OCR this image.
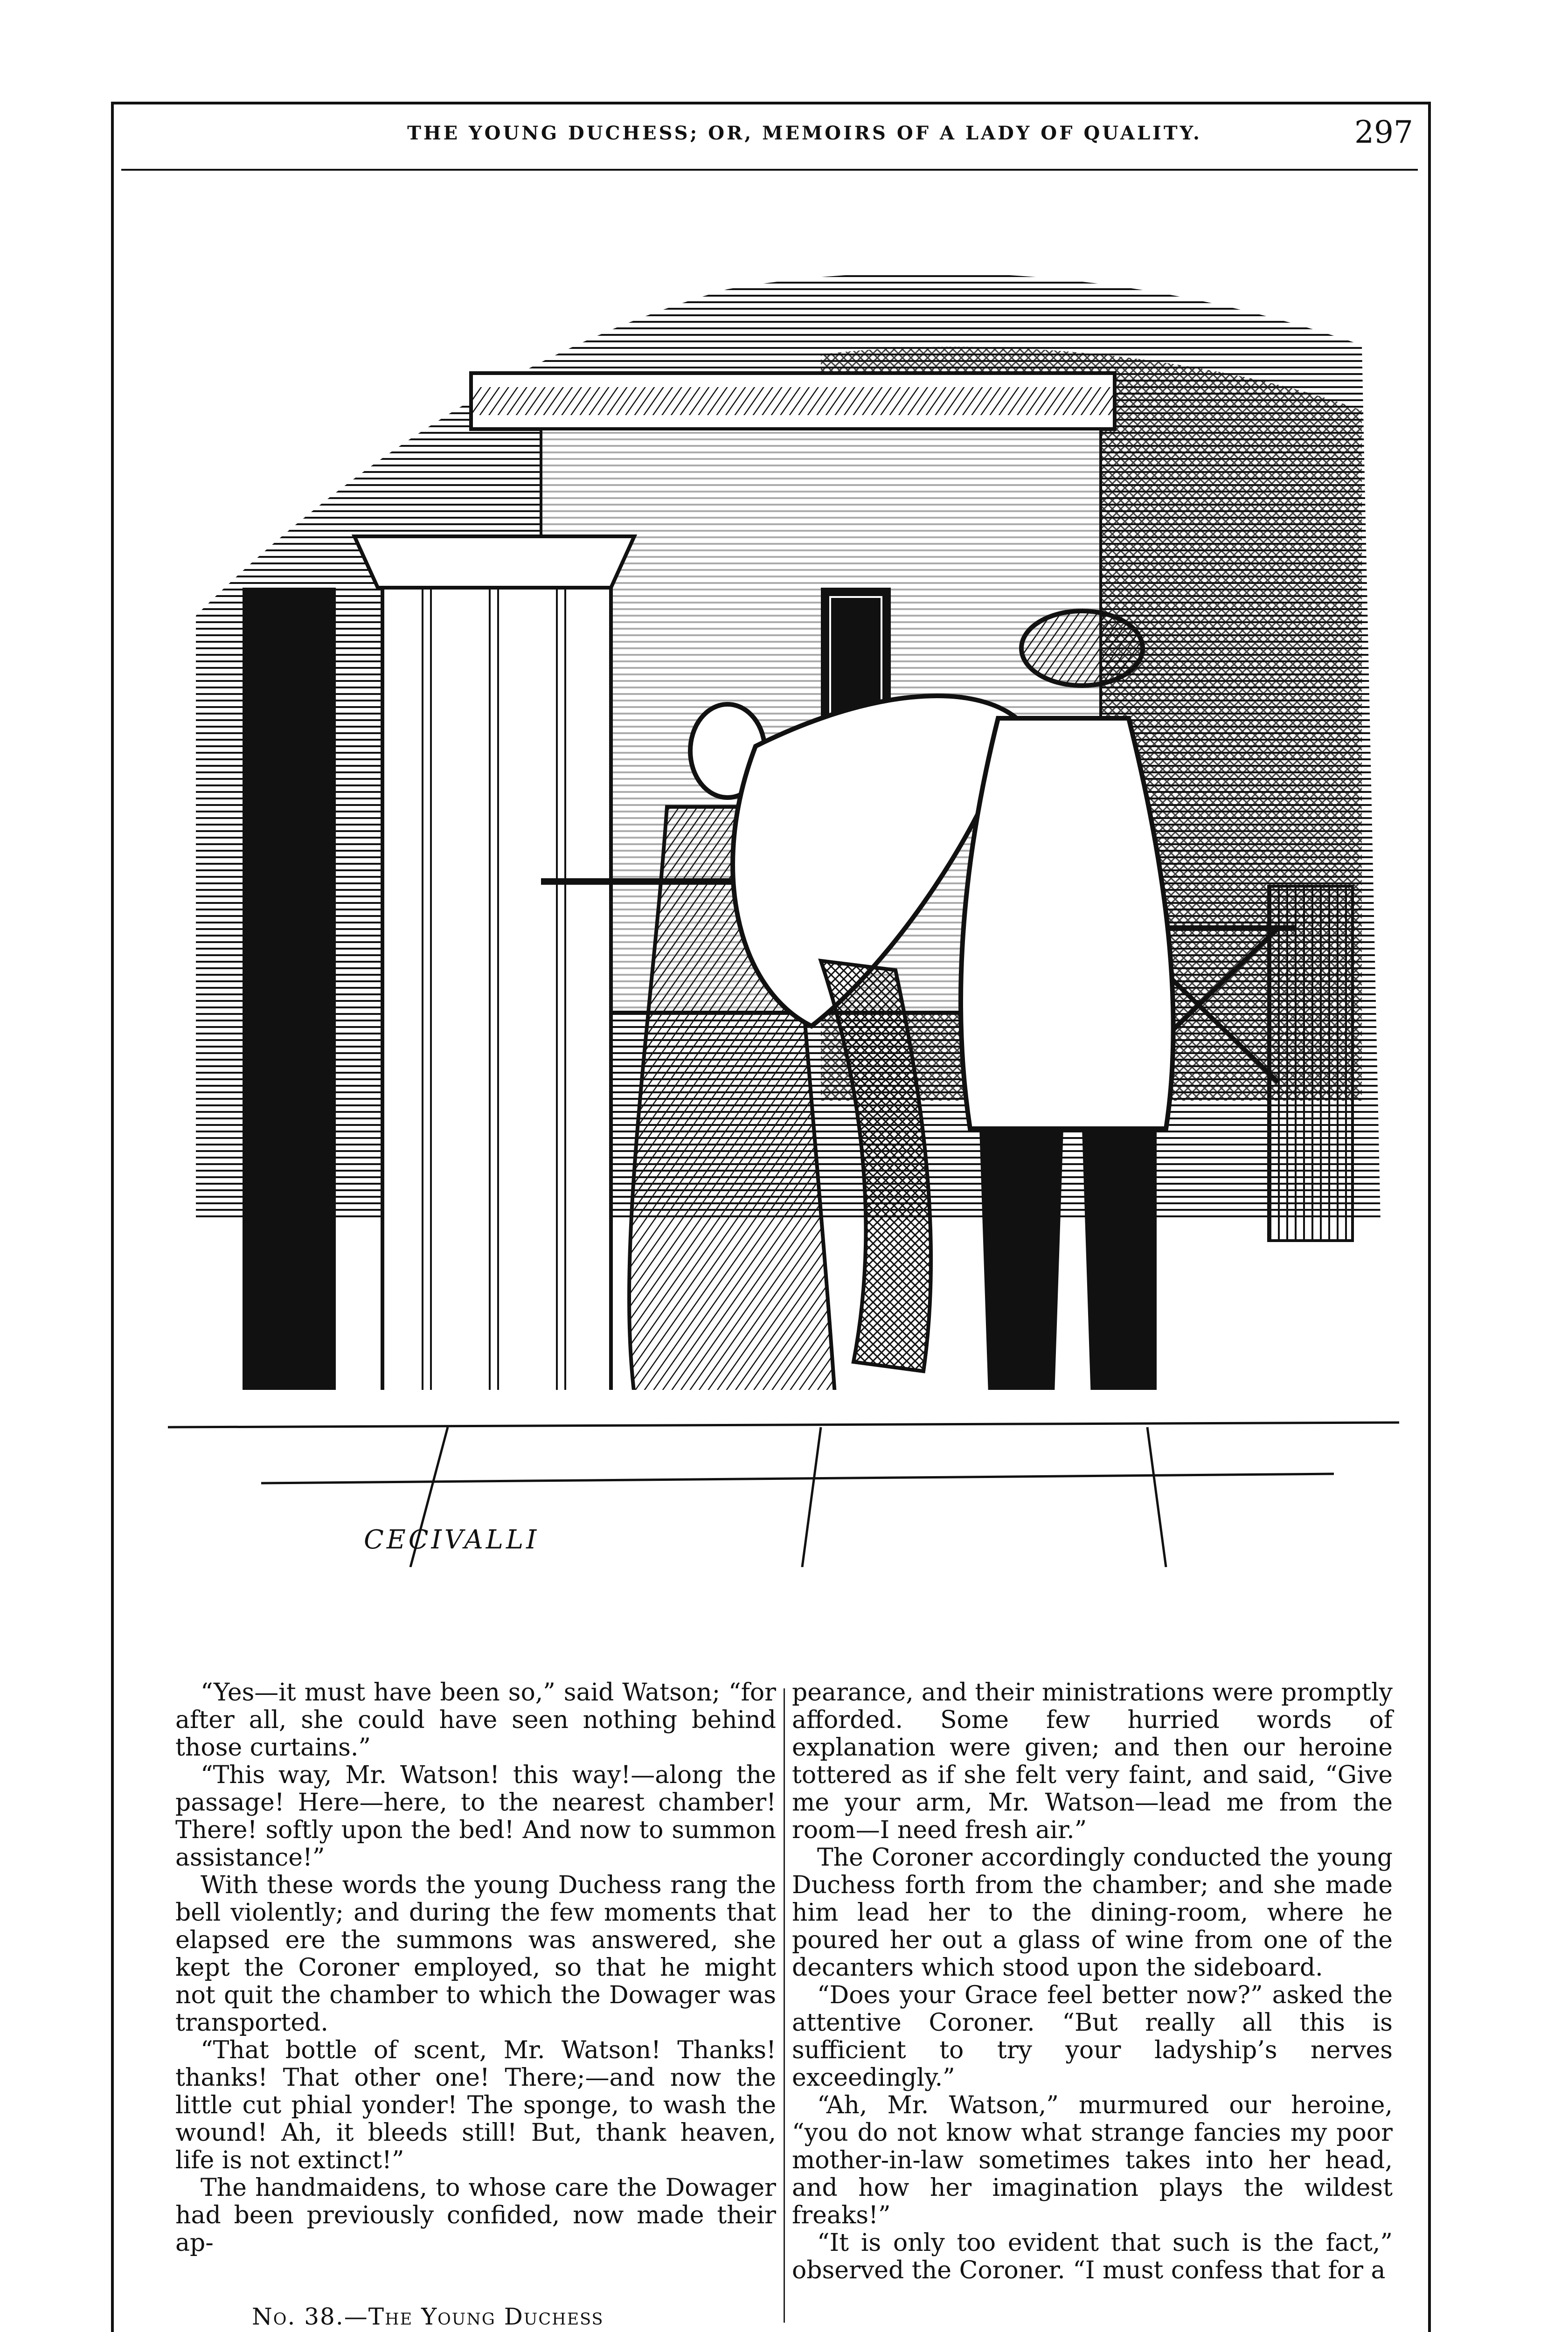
THE YOUNG DUCHESS; OR, MEMOIRS OF A LADY OF QUALITY.	297
CECIVALLI

“Yes—it must have been so,” said Watson; “for after all, she could have seen nothing behind those curtains.”

“This way, Mr. Watson! this way!—along the passage! Here—here, to the nearest chamber! There! softly upon the bed! And now to summon assistance!”

With these words the young Duchess rang the bell violently; and during the few moments that elapsed ere the summons was answered, she kept the Coroner employed, so that he might not quit the chamber to which the Dowager was transported.

“That bottle of scent, Mr. Watson! Thanks! thanks! That other one! There;—and now the little cut phial yonder! The sponge, to wash the wound! Ah, it bleeds still! But, thank heaven, life is not extinct!”

The handmaidens, to whose care the Dowager had been previously confided, now made their ap-

pearance, and their ministrations were promptly afforded. Some few hurried words of explanation were given; and then our heroine tottered as if she felt very faint, and said, “Give me your arm, Mr. Watson—lead me from the room—I need fresh air.”

The Coroner accordingly conducted the young Duchess forth from the chamber; and she made him lead her to the dining-room, where he poured her out a glass of wine from one of the decanters which stood upon the sideboard.

“Does your Grace feel better now?” asked the attentive Coroner. “But really all this is sufficient to try your ladyship’s nerves exceedingly.”

“Ah, Mr. Watson,” murmured our heroine, “you do not know what strange fancies my poor mother-in-law sometimes takes into her head, and how her imagination plays the wildest freaks!”

“It is only too evident that such is the fact,” observed the Coroner. “I must confess that for a

No. 38.—The Young Duchess
